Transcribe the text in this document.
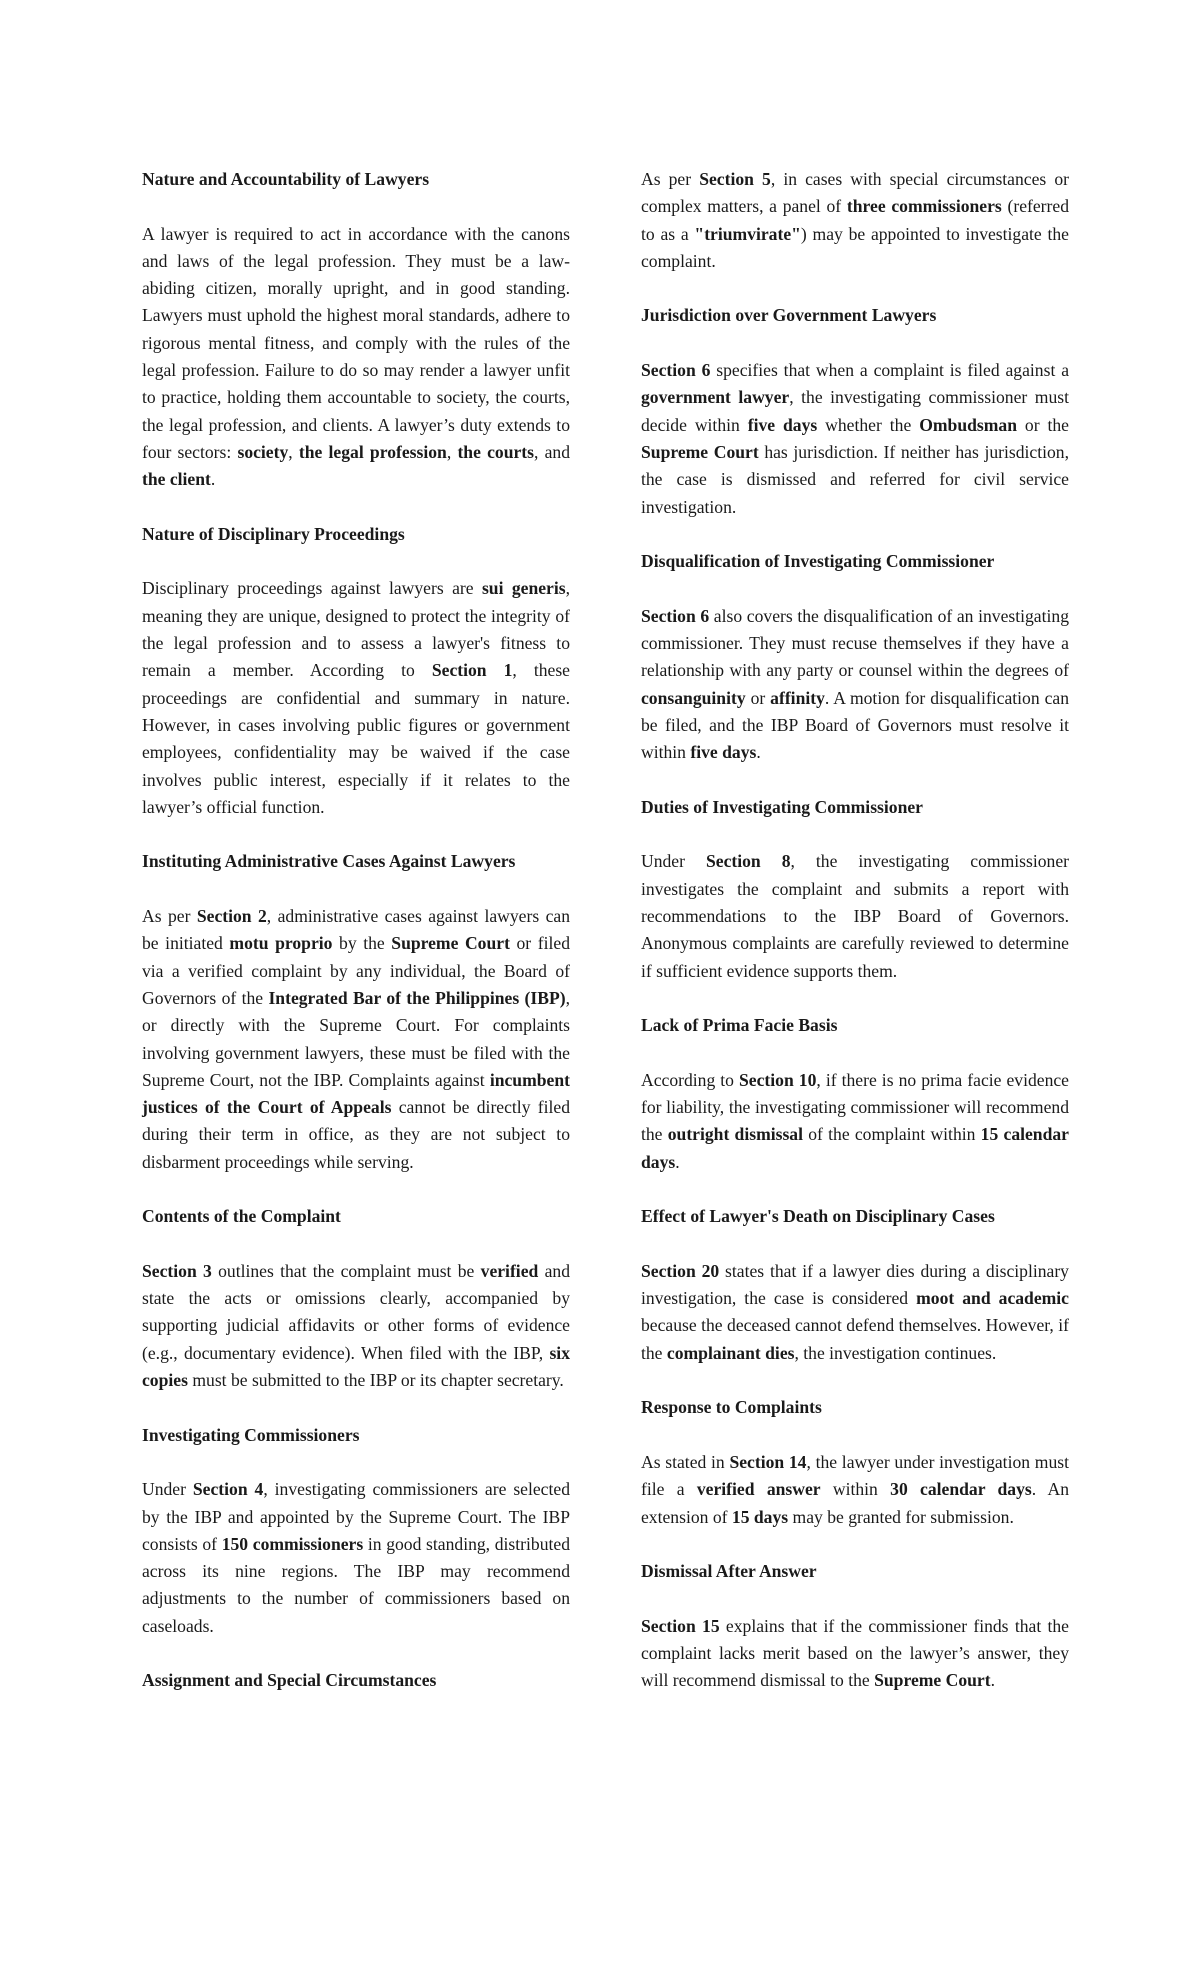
Nature and Accountability of Lawyers
A lawyer is required to act in accordance with the canons and laws of the legal profession. They must be a law-abiding citizen, morally upright, and in good standing. Lawyers must uphold the highest moral standards, adhere to rigorous mental fitness, and comply with the rules of the legal profession. Failure to do so may render a lawyer unfit to practice, holding them accountable to society, the courts, the legal profession, and clients. A lawyer’s duty extends to four sectors: society, the legal profession, the courts, and the client.
Nature of Disciplinary Proceedings
Disciplinary proceedings against lawyers are sui generis, meaning they are unique, designed to protect the integrity of the legal profession and to assess a lawyer's fitness to remain a member. According to Section 1, these proceedings are confidential and summary in nature. However, in cases involving public figures or government employees, confidentiality may be waived if the case involves public interest, especially if it relates to the lawyer’s official function.
Instituting Administrative Cases Against Lawyers
As per Section 2, administrative cases against lawyers can be initiated motu proprio by the Supreme Court or filed via a verified complaint by any individual, the Board of Governors of the Integrated Bar of the Philippines (IBP), or directly with the Supreme Court. For complaints involving government lawyers, these must be filed with the Supreme Court, not the IBP. Complaints against incumbent justices of the Court of Appeals cannot be directly filed during their term in office, as they are not subject to disbarment proceedings while serving.
Contents of the Complaint
Section 3 outlines that the complaint must be verified and state the acts or omissions clearly, accompanied by supporting judicial affidavits or other forms of evidence (e.g., documentary evidence). When filed with the IBP, six copies must be submitted to the IBP or its chapter secretary.
Investigating Commissioners
Under Section 4, investigating commissioners are selected by the IBP and appointed by the Supreme Court. The IBP consists of 150 commissioners in good standing, distributed across its nine regions. The IBP may recommend adjustments to the number of commissioners based on caseloads.
Assignment and Special Circumstances
As per Section 5, in cases with special circumstances or complex matters, a panel of three commissioners (referred to as a "triumvirate") may be appointed to investigate the complaint.
Jurisdiction over Government Lawyers
Section 6 specifies that when a complaint is filed against a government lawyer, the investigating commissioner must decide within five days whether the Ombudsman or the Supreme Court has jurisdiction. If neither has jurisdiction, the case is dismissed and referred for civil service investigation.
Disqualification of Investigating Commissioner
Section 6 also covers the disqualification of an investigating commissioner. They must recuse themselves if they have a relationship with any party or counsel within the degrees of consanguinity or affinity. A motion for disqualification can be filed, and the IBP Board of Governors must resolve it within five days.
Duties of Investigating Commissioner
Under Section 8, the investigating commissioner investigates the complaint and submits a report with recommendations to the IBP Board of Governors. Anonymous complaints are carefully reviewed to determine if sufficient evidence supports them.
Lack of Prima Facie Basis
According to Section 10, if there is no prima facie evidence for liability, the investigating commissioner will recommend the outright dismissal of the complaint within 15 calendar days.
Effect of Lawyer's Death on Disciplinary Cases
Section 20 states that if a lawyer dies during a disciplinary investigation, the case is considered moot and academic because the deceased cannot defend themselves. However, if the complainant dies, the investigation continues.
Response to Complaints
As stated in Section 14, the lawyer under investigation must file a verified answer within 30 calendar days. An extension of 15 days may be granted for submission.
Dismissal After Answer
Section 15 explains that if the commissioner finds that the complaint lacks merit based on the lawyer’s answer, they will recommend dismissal to the Supreme Court.
